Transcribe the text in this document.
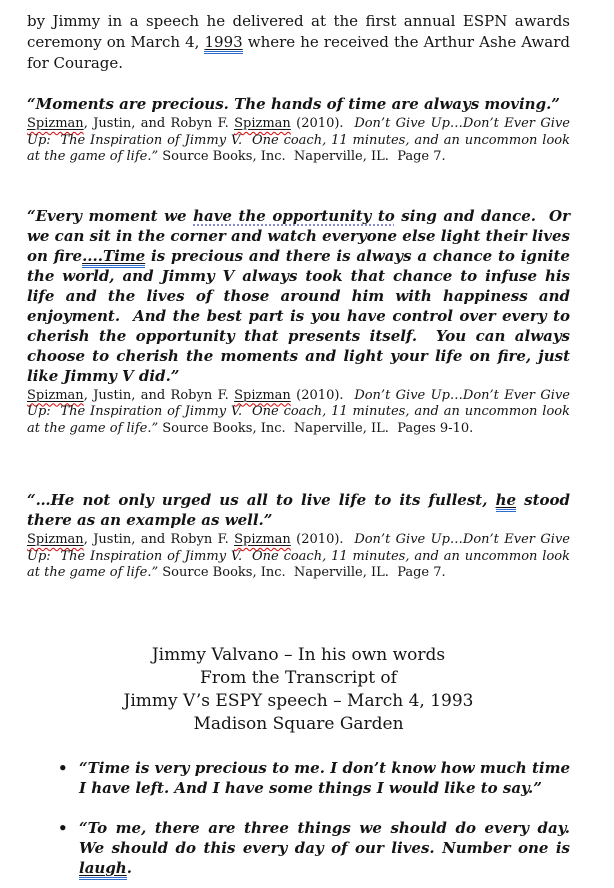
by Jimmy in a speech he delivered at the first annual ESPN awards ceremony on March 4, 1993 where he received the Arthur Ashe Award for Courage.

“Moments are precious. The hands of time are always moving.”

Spizman, Justin, and Robyn F. Spizman (2010).  Don’t Give Up…Don’t Ever Give Up:  The Inspiration of Jimmy V.  One coach, 11 minutes, and an uncommon look at the game of life.” Source Books, Inc.  Naperville, IL.  Page 7.

“Every moment we have the opportunity to sing and dance.  Or we can sit in the corner and watch everyone else light their lives on fire....Time is precious and there is always a chance to ignite the world, and Jimmy V always took that chance to infuse his life and the lives of those around him with happiness and enjoyment.  And the best part is you have control over every to cherish the opportunity that presents itself.  You can always choose to cherish the moments and light your life on fire, just like Jimmy V did.”

Spizman, Justin, and Robyn F. Spizman (2010).  Don’t Give Up…Don’t Ever Give Up:  The Inspiration of Jimmy V.  One coach, 11 minutes, and an uncommon look at the game of life.” Source Books, Inc.  Naperville, IL.  Pages 9-10.

“…He not only urged us all to live life to its fullest, he stood there as an example as well.”

Spizman, Justin, and Robyn F. Spizman (2010).  Don’t Give Up…Don’t Ever Give Up:  The Inspiration of Jimmy V.  One coach, 11 minutes, and an uncommon look at the game of life.” Source Books, Inc.  Naperville, IL.  Page 7.

Jimmy Valvano – In his own words
From the Transcript of
Jimmy V’s ESPY speech – March 4, 1993
Madison Square Garden
• “Time is very precious to me. I don’t know how much time I have left. And I have some things I would like to say.”
• “To me, there are three things we should do every day.  We should do this every day of our lives. Number one is laugh.
